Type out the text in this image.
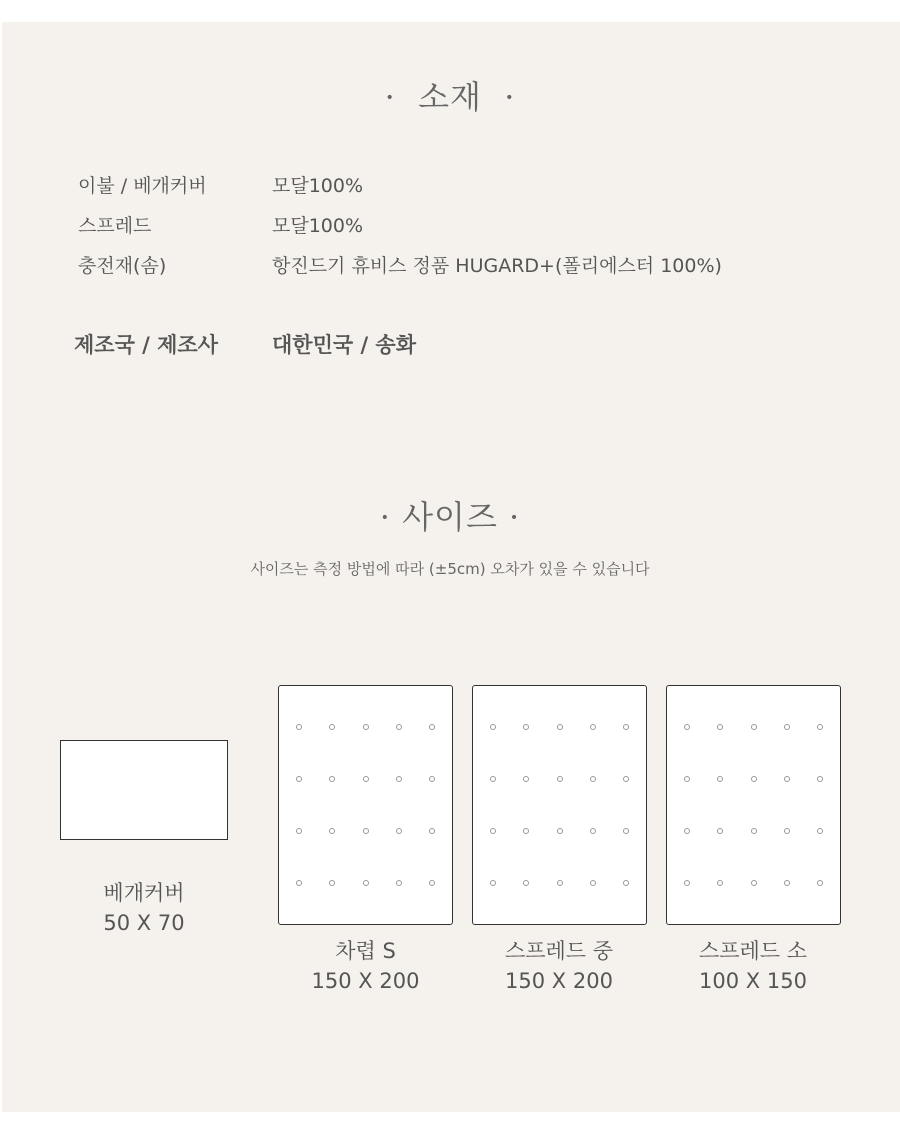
·  소재  ·
이불 / 베개커버	모달100%
스프레드	모달100%
충전재(솜)	항진드기 휴비스 정품 HUGARD+(폴리에스터 100%)
제조국 / 제조사	대한민국 / 송화
· 사이즈 ·
사이즈는 측정 방법에 따라 (±5cm) 오차가 있을 수 있습니다
베개커버
50 X 70
차렵 S
150 X 200
스프레드 중
150 X 200
스프레드 소
100 X 150
